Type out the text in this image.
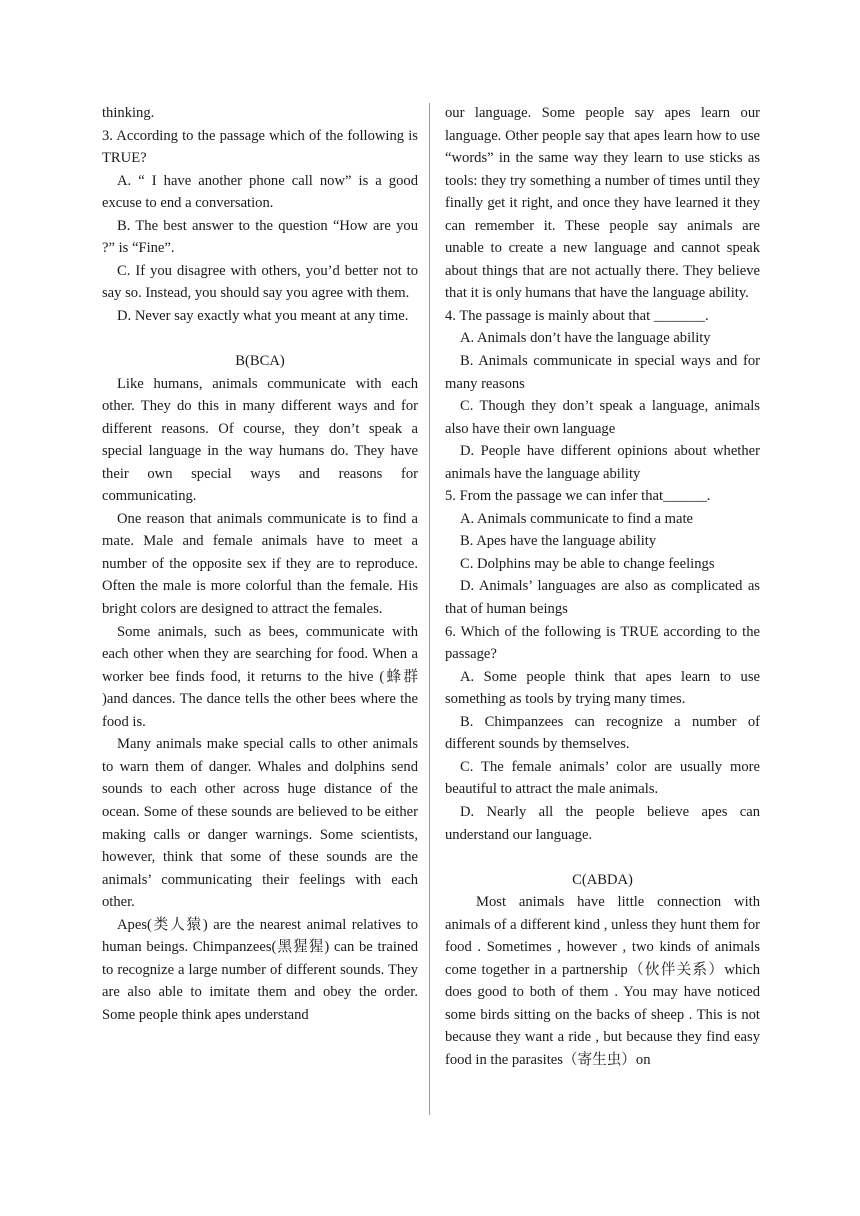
thinking.

3. According to the passage which of the following is TRUE?

A. “ I have another phone call now” is a good excuse to end a conversation.

B. The best answer to the question “How are you ?” is “Fine”.

C. If you disagree with others, you’d better not to say so. Instead, you should say you agree with them.

D. Never say exactly what you meant at any time.

B(BCA)

Like humans, animals communicate with each other. They do this in many different ways and for different reasons. Of course, they don’t speak a special language in the way humans do. They have their own special ways and reasons for communicating.

One reason that animals communicate is to find a mate. Male and female animals have to meet a number of the opposite sex if they are to reproduce. Often the male is more colorful than the female. His bright colors are designed to attract the females.

Some animals, such as bees, communicate with each other when they are searching for food. When a worker bee finds food, it returns to the hive (蜂群 )and dances. The dance tells the other bees where the food is.

Many animals make special calls to other animals to warn them of danger. Whales and dolphins send sounds to each other across huge distance of the ocean. Some of these sounds are believed to be either making calls or danger warnings. Some scientists, however, think that some of these sounds are the animals’ communicating their feelings with each other.

Apes(类人猿) are the nearest animal relatives to human beings. Chimpanzees(黑猩猩) can be trained to recognize a large number of different sounds. They are also able to imitate them and obey the order. Some people think apes understand

our language. Some people say apes learn our language. Other people say that apes learn how to use “words” in the same way they learn to use sticks as tools: they try something a number of times until they finally get it right, and once they have learned it they can remember it. These people say animals are unable to create a new language and cannot speak about things that are not actually there. They believe that it is only humans that have the language ability.

4. The passage is mainly about that _______.

A. Animals don’t have the language ability

B. Animals communicate in special ways and for many reasons

C. Though they don’t speak a language, animals also have their own language

D. People have different opinions about whether animals have the language ability

5. From the passage we can infer that______.

A. Animals communicate to find a mate

B. Apes have the language ability

C. Dolphins may be able to change feelings

D. Animals’ languages are also as complicated as that of human beings

6. Which of the following is TRUE according to the passage?

A. Some people think that apes learn to use something as tools by trying many times.

B. Chimpanzees can recognize a number of different sounds by themselves.

C. The female animals’ color are usually more beautiful to attract the male animals.

D. Nearly all the people believe apes can understand our language.

C(ABDA)

Most animals have little connection with animals of a different kind , unless they hunt them for food . Sometimes , however , two kinds of animals come together in a partnership（伙伴关系）which does good to both of them . You may have noticed some birds sitting on the backs of sheep . This is not because they want a ride , but because they find easy food in the parasites（寄生虫）on
